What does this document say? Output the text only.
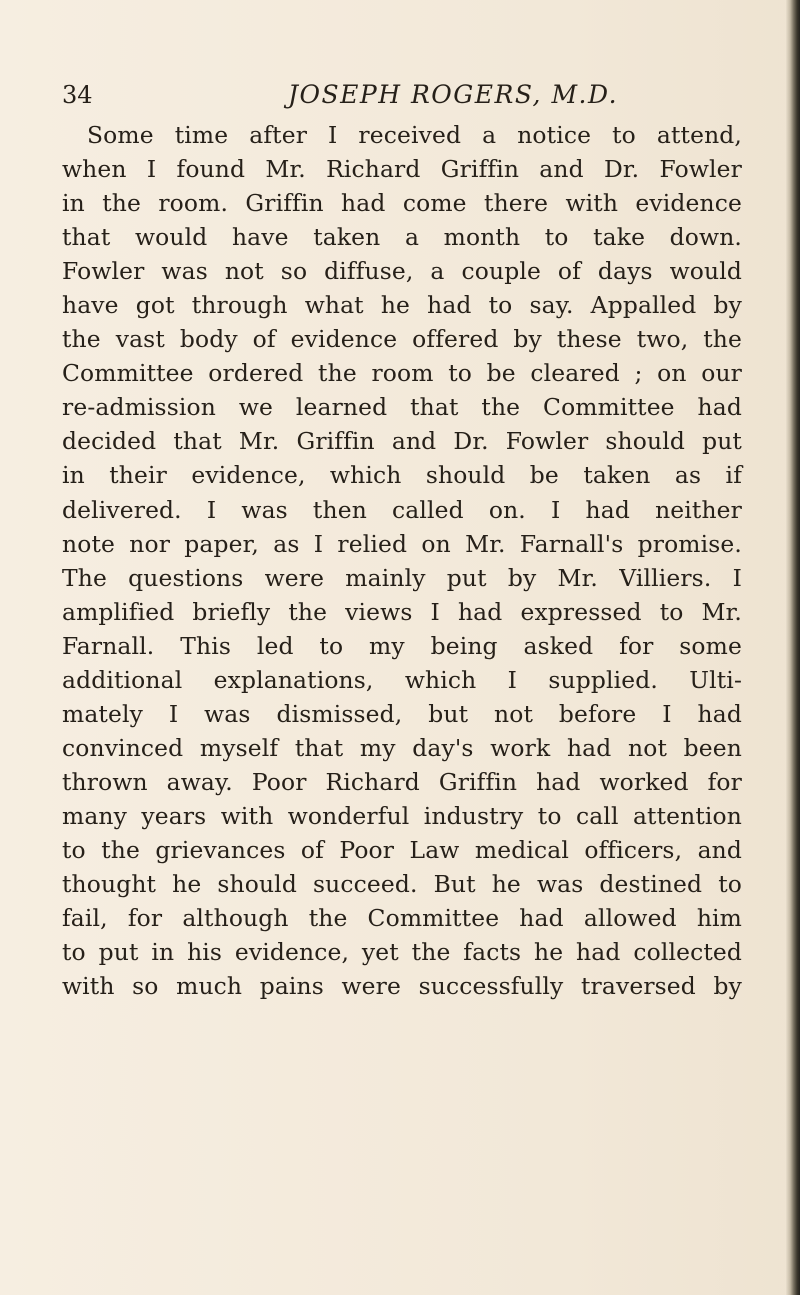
34	JOSEPH ROGERS, M.D.
Some time after I received a notice to attend,
when I found Mr. Richard Griffin and Dr. Fowler
in the room. Griffin had come there with evidence
that would have taken a month to take down.
Fowler was not so diffuse, a couple of days would
have got through what he had to say. Appalled by
the vast body of evidence offered by these two, the
Committee ordered the room to be cleared ; on our
re-admission we learned that the Committee had
decided that Mr. Griffin and Dr. Fowler should put
in their evidence, which should be taken as if
delivered. I was then called on. I had neither
note nor paper, as I relied on Mr. Farnall's promise.
The questions were mainly put by Mr. Villiers. I
amplified briefly the views I had expressed to Mr.
Farnall. This led to my being asked for some
additional explanations, which I supplied. Ulti-
mately I was dismissed, but not before I had
convinced myself that my day's work had not been
thrown away. Poor Richard Griffin had worked for
many years with wonderful industry to call attention
to the grievances of Poor Law medical officers, and
thought he should succeed. But he was destined to
fail, for although the Committee had allowed him
to put in his evidence, yet the facts he had collected
with so much pains were successfully traversed by
